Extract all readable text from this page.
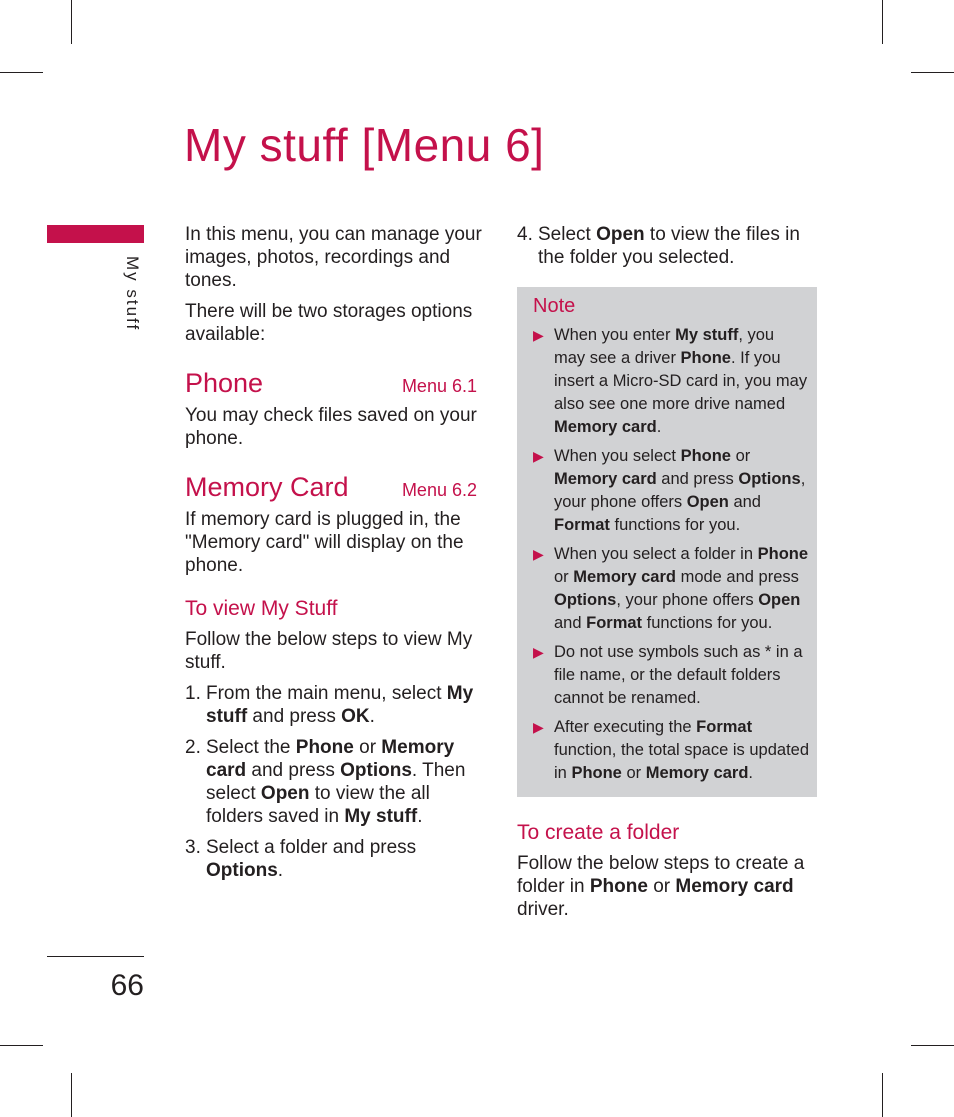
My stuff [Menu 6]
My stuff
66

In this menu, you can manage your images, photos, recordings and tones.

There will be two storages options available:

Phone	Menu 6.1

You may check files saved on your phone.

Memory Card	Menu 6.2

If memory card is plugged in, the "Memory card" will display on the phone.

To view My Stuff

Follow the below steps to view My stuff.

1. From the main menu, select My stuff and press OK.
2. Select the Phone or Memory card and press Options. Then select Open to view the all folders saved in My stuff.
3. Select a folder and press Options.
4. Select Open to view the files in the folder you selected.
Note
▶ When you enter My stuff, you may see a driver Phone. If you insert a Micro-SD card in, you may also see one more drive named Memory card.
▶ When you select Phone or Memory card and press Options, your phone offers Open and Format functions for you.
▶ When you select a folder in Phone or Memory card mode and press Options, your phone offers Open and Format functions for you.
▶ Do not use symbols such as * in a file name, or the default folders cannot be renamed.
▶ After executing the Format function, the total space is updated in Phone or Memory card.
To create a folder

Follow the below steps to create a folder in Phone or Memory card driver.
